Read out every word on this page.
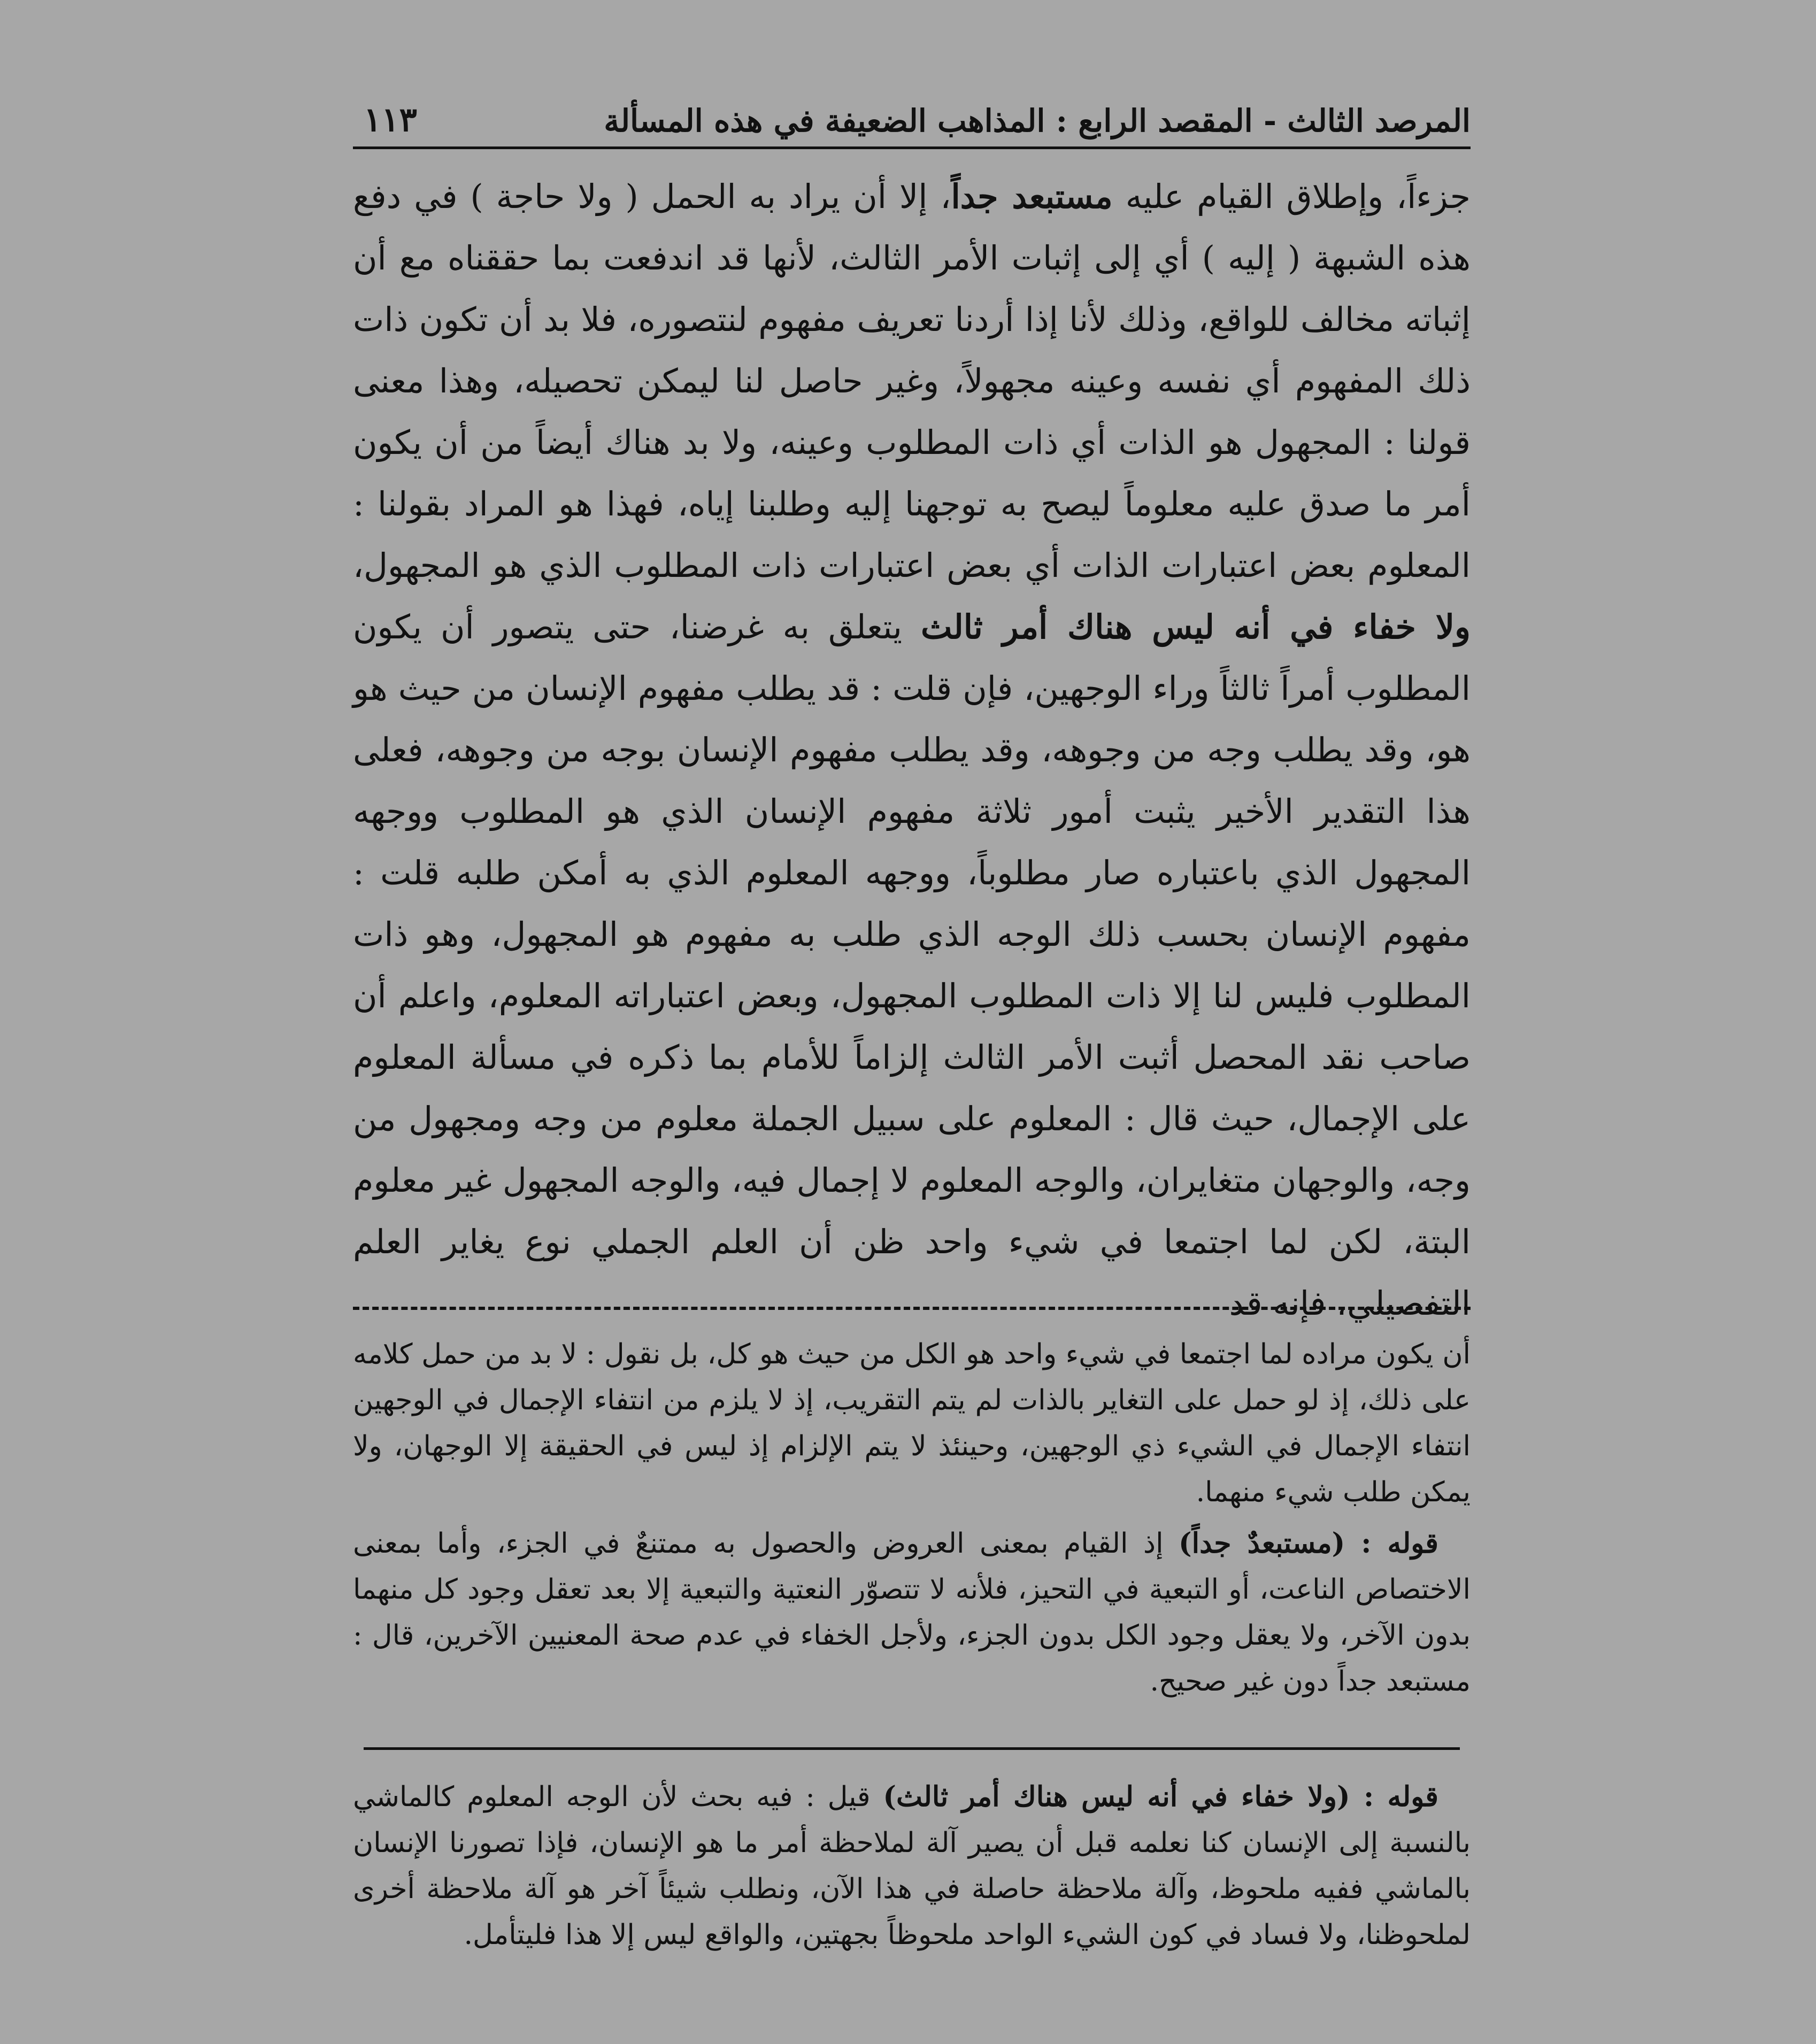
المرصد الثالث - المقصد الرابع : المذاهب الضعيفة في هذه المسألة
١١٣

جزءاً، وإطلاق القيام عليه مستبعد جداً، إلا أن يراد به الحمل ( ولا حاجة ) في دفع هذه الشبهة ( إليه ) أي إلى إثبات الأمر الثالث، لأنها قد اندفعت بما حققناه مع أن إثباته مخالف للواقع، وذلك لأنا إذا أردنا تعريف مفهوم لنتصوره، فلا بد أن تكون ذات ذلك المفهوم أي نفسه وعينه مجهولاً، وغير حاصل لنا ليمكن تحصيله، وهذا معنى قولنا : المجهول هو الذات أي ذات المطلوب وعينه، ولا بد هناك أيضاً من أن يكون أمر ما صدق عليه معلوماً ليصح به توجهنا إليه وطلبنا إياه، فهذا هو المراد بقولنا : المعلوم بعض اعتبارات الذات أي بعض اعتبارات ذات المطلوب الذي هو المجهول، ولا خفاء في أنه ليس هناك أمر ثالث يتعلق به غرضنا، حتى يتصور أن يكون المطلوب أمراً ثالثاً وراء الوجهين، فإن قلت : قد يطلب مفهوم الإنسان من حيث هو هو، وقد يطلب وجه من وجوهه، وقد يطلب مفهوم الإنسان بوجه من وجوهه، فعلى هذا التقدير الأخير يثبت أمور ثلاثة مفهوم الإنسان الذي هو المطلوب ووجهه المجهول الذي باعتباره صار مطلوباً، ووجهه المعلوم الذي به أمكن طلبه قلت : مفهوم الإنسان بحسب ذلك الوجه الذي طلب به مفهوم هو المجهول، وهو ذات المطلوب فليس لنا إلا ذات المطلوب المجهول، وبعض اعتباراته المعلوم، واعلم أن صاحب نقد المحصل أثبت الأمر الثالث إلزاماً للأمام بما ذكره في مسألة المعلوم على الإجمال، حيث قال : المعلوم على سبيل الجملة معلوم من وجه ومجهول من وجه، والوجهان متغايران، والوجه المعلوم لا إجمال فيه، والوجه المجهول غير معلوم البتة، لكن لما اجتمعا في شيء واحد ظن أن العلم الجملي نوع يغاير العلم التفصيلي، فإنه قد

أن يكون مراده لما اجتمعا في شيء واحد هو الكل من حيث هو كل، بل نقول : لا بد من حمل كلامه على ذلك، إذ لو حمل على التغاير بالذات لم يتم التقريب، إذ لا يلزم من انتفاء الإجمال في الوجهين انتفاء الإجمال في الشيء ذي الوجهين، وحينئذ لا يتم الإلزام إذ ليس في الحقيقة إلا الوجهان، ولا يمكن طلب شيء منهما.

قوله : (مستبعدٌ جداً) إذ القيام بمعنى العروض والحصول به ممتنعٌ في الجزء، وأما بمعنى الاختصاص الناعت، أو التبعية في التحيز، فلأنه لا تتصوّر النعتية والتبعية إلا بعد تعقل وجود كل منهما بدون الآخر، ولا يعقل وجود الكل بدون الجزء، ولأجل الخفاء في عدم صحة المعنيين الآخرين، قال : مستبعد جداً دون غير صحيح.

قوله : (ولا خفاء في أنه ليس هناك أمر ثالث) قيل : فيه بحث لأن الوجه المعلوم كالماشي بالنسبة إلى الإنسان كنا نعلمه قبل أن يصير آلة لملاحظة أمر ما هو الإنسان، فإذا تصورنا الإنسان بالماشي ففيه ملحوظ، وآلة ملاحظة حاصلة في هذا الآن، ونطلب شيئاً آخر هو آلة ملاحظة أخرى لملحوظنا، ولا فساد في كون الشيء الواحد ملحوظاً بجهتين، والواقع ليس إلا هذا فليتأمل.
